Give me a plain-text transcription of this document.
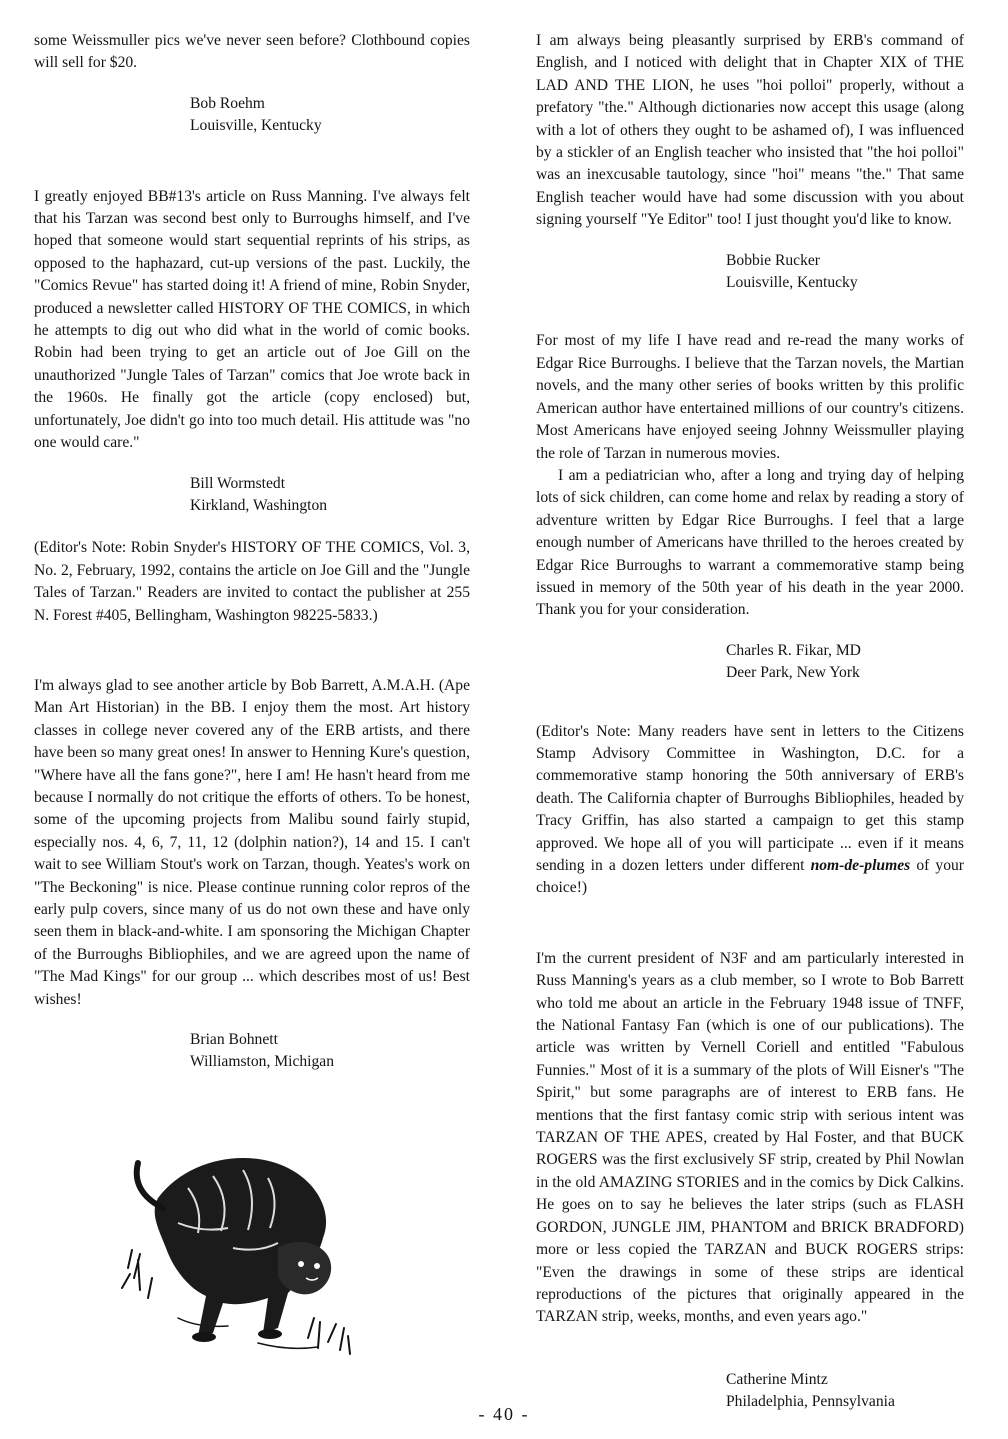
some Weissmuller pics we've never seen before? Clothbound copies will sell for $20.

Bob Roehm
Louisville, Kentucky

I greatly enjoyed BB#13's article on Russ Manning. I've always felt that his Tarzan was second best only to Burroughs himself, and I've hoped that someone would start sequential reprints of his strips, as opposed to the haphazard, cut-up versions of the past. Luckily, the "Comics Revue" has started doing it! A friend of mine, Robin Snyder, produced a newsletter called HISTORY OF THE COMICS, in which he attempts to dig out who did what in the world of comic books. Robin had been trying to get an article out of Joe Gill on the unauthorized "Jungle Tales of Tarzan" comics that Joe wrote back in the 1960s. He finally got the article (copy enclosed) but, unfortunately, Joe didn't go into too much detail. His attitude was "no one would care."

Bill Wormstedt
Kirkland, Washington

(Editor's Note: Robin Snyder's HISTORY OF THE COMICS, Vol. 3, No. 2, February, 1992, contains the article on Joe Gill and the "Jungle Tales of Tarzan." Readers are invited to contact the publisher at 255 N. Forest #405, Bellingham, Washington 98225-5833.)

I'm always glad to see another article by Bob Barrett, A.M.A.H. (Ape Man Art Historian) in the BB. I enjoy them the most. Art history classes in college never covered any of the ERB artists, and there have been so many great ones! In answer to Henning Kure's question, "Where have all the fans gone?", here I am! He hasn't heard from me because I normally do not critique the efforts of others. To be honest, some of the upcoming projects from Malibu sound fairly stupid, especially nos. 4, 6, 7, 11, 12 (dolphin nation?), 14 and 15. I can't wait to see William Stout's work on Tarzan, though. Yeates's work on "The Beckoning" is nice. Please continue running color repros of the early pulp covers, since many of us do not own these and have only seen them in black-and-white. I am sponsoring the Michigan Chapter of the Burroughs Bibliophiles, and we are agreed upon the name of "The Mad Kings" for our group ... which describes most of us! Best wishes!

Brian Bohnett
Williamston, Michigan

I am always being pleasantly surprised by ERB's command of English, and I noticed with delight that in Chapter XIX of THE LAD AND THE LION, he uses "hoi polloi" properly, without a prefatory "the." Although dictionaries now accept this usage (along with a lot of others they ought to be ashamed of), I was influenced by a stickler of an English teacher who insisted that "the hoi polloi" was an inexcusable tautology, since "hoi" means "the." That same English teacher would have had some discussion with you about signing yourself "Ye Editor" too! I just thought you'd like to know.

Bobbie Rucker
Louisville, Kentucky

For most of my life I have read and re-read the many works of Edgar Rice Burroughs. I believe that the Tarzan novels, the Martian novels, and the many other series of books written by this prolific American author have entertained millions of our country's citizens. Most Americans have enjoyed seeing Johnny Weissmuller playing the role of Tarzan in numerous movies.

I am a pediatrician who, after a long and trying day of helping lots of sick children, can come home and relax by reading a story of adventure written by Edgar Rice Burroughs. I feel that a large enough number of Americans have thrilled to the heroes created by Edgar Rice Burroughs to warrant a commemorative stamp being issued in memory of the 50th year of his death in the year 2000. Thank you for your consideration.

Charles R. Fikar, MD
Deer Park, New York

(Editor's Note: Many readers have sent in letters to the Citizens Stamp Advisory Committee in Washington, D.C. for a commemorative stamp honoring the 50th anniversary of ERB's death. The California chapter of Burroughs Bibliophiles, headed by Tracy Griffin, has also started a campaign to get this stamp approved. We hope all of you will participate ... even if it means sending in a dozen letters under different nom-de-plumes of your choice!)

I'm the current president of N3F and am particularly interested in Russ Manning's years as a club member, so I wrote to Bob Barrett who told me about an article in the February 1948 issue of TNFF, the National Fantasy Fan (which is one of our publications). The article was written by Vernell Coriell and entitled "Fabulous Funnies." Most of it is a summary of the plots of Will Eisner's "The Spirit," but some paragraphs are of interest to ERB fans. He mentions that the first fantasy comic strip with serious intent was TARZAN OF THE APES, created by Hal Foster, and that BUCK ROGERS was the first exclusively SF strip, created by Phil Nowlan in the old AMAZING STORIES and in the comics by Dick Calkins. He goes on to say he believes the later strips (such as FLASH GORDON, JUNGLE JIM, PHANTOM and BRICK BRADFORD) more or less copied the TARZAN and BUCK ROGERS strips: "Even the drawings in some of these strips are identical reproductions of the pictures that originally appeared in the TARZAN strip, weeks, months, and even years ago."

Catherine Mintz
Philadelphia, Pennsylvania
- 40 -
